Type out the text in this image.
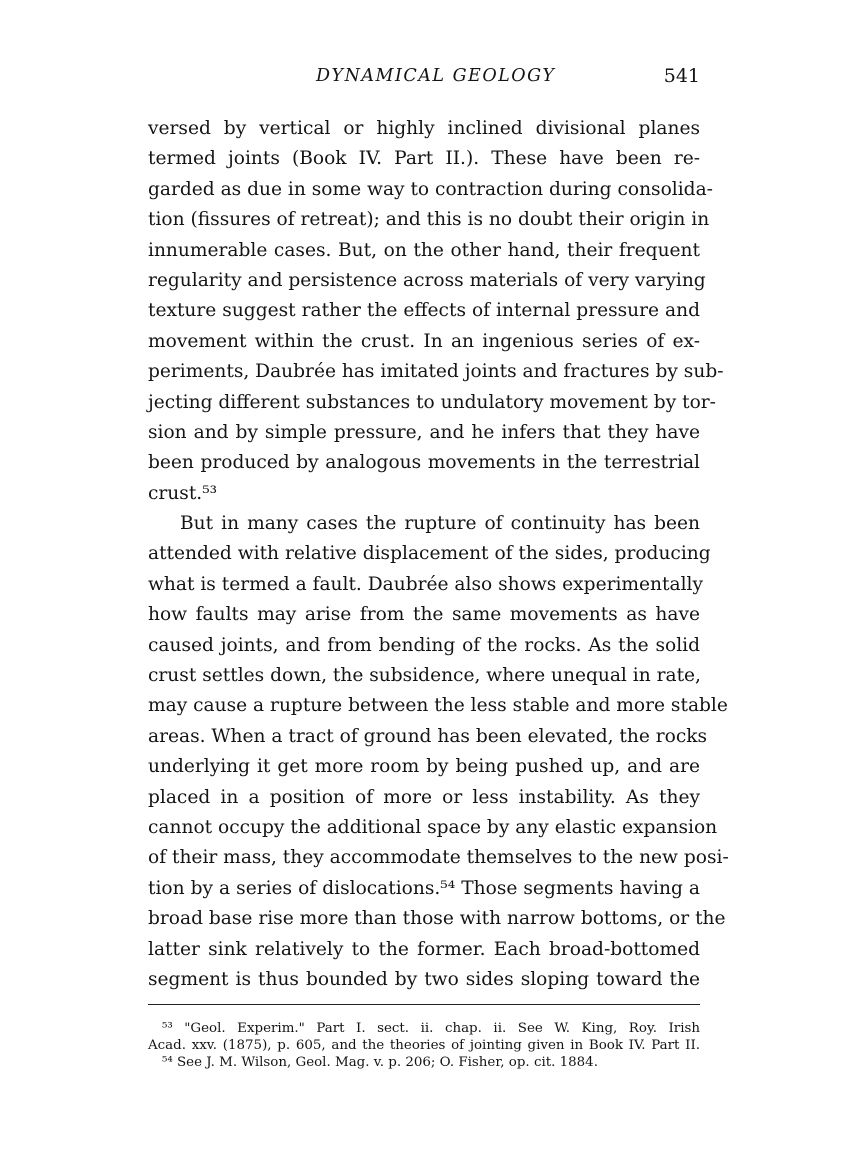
DYNAMICAL GEOLOGY	541
versed by vertical or highly inclined divisional planes
termed joints (Book IV. Part II.). These have been re-
garded as due in some way to contraction during consolida-
tion (fissures of retreat); and this is no doubt their origin in
innumerable cases. But, on the other hand, their frequent
regularity and persistence across materials of very varying
texture suggest rather the effects of internal pressure and
movement within the crust. In an ingenious series of ex-
periments, Daubrée has imitated joints and fractures by sub-
jecting different substances to undulatory movement by tor-
sion and by simple pressure, and he infers that they have
been produced by analogous movements in the terrestrial
crust.⁵³
But in many cases the rupture of continuity has been
attended with relative displacement of the sides, producing
what is termed a fault. Daubrée also shows experimentally
how faults may arise from the same movements as have
caused joints, and from bending of the rocks. As the solid
crust settles down, the subsidence, where unequal in rate,
may cause a rupture between the less stable and more stable
areas. When a tract of ground has been elevated, the rocks
underlying it get more room by being pushed up, and are
placed in a position of more or less instability. As they
cannot occupy the additional space by any elastic expansion
of their mass, they accommodate themselves to the new posi-
tion by a series of dislocations.⁵⁴ Those segments having a
broad base rise more than those with narrow bottoms, or the
latter sink relatively to the former. Each broad-bottomed
segment is thus bounded by two sides sloping toward the
⁵³ "Geol. Experim." Part I. sect. ii. chap. ii. See W. King, Roy. Irish
Acad. xxv. (1875), p. 605, and the theories of jointing given in Book IV. Part II.
⁵⁴ See J. M. Wilson, Geol. Mag. v. p. 206; O. Fisher, op. cit. 1884.
